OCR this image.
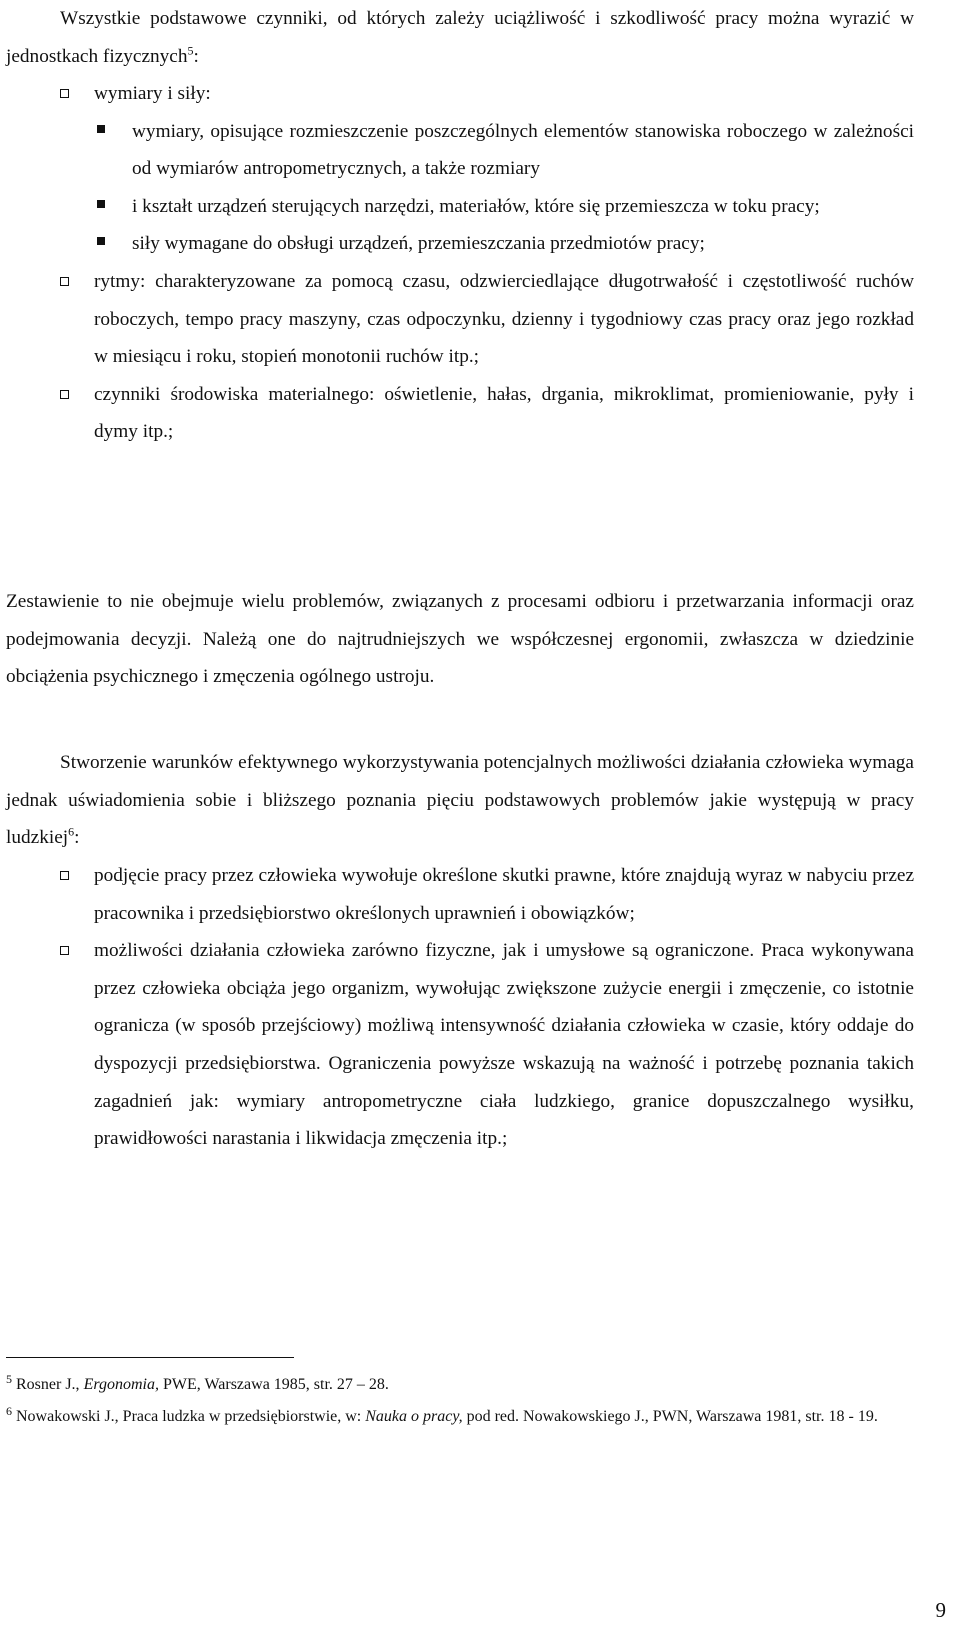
Wszystkie podstawowe czynniki, od których zależy uciążliwość i szkodliwość pracy można wyrazić w jednostkach fizycznych$^5$:

wymiary i siły:
wymiary, opisujące rozmieszczenie poszczególnych elementów stanowiska roboczego w zależności od wymiarów antropometrycznych, a także rozmiary
i kształt urządzeń sterujących narzędzi, materiałów, które się przemieszcza w toku pracy;
siły wymagane do obsługi urządzeń, przemieszczania przedmiotów pracy;
rytmy: charakteryzowane za pomocą czasu, odzwierciedlające długotrwałość i częstotliwość ruchów roboczych, tempo pracy maszyny, czas odpoczynku, dzienny i tygodniowy czas pracy oraz jego rozkład w miesiącu i roku, stopień monotonii ruchów itp.;
czynniki środowiska materialnego: oświetlenie, hałas, drgania, mikroklimat, promieniowanie, pyły i dymy itp.;

Zestawienie to nie obejmuje wielu problemów, związanych z procesami odbioru i przetwarzania informacji oraz podejmowania decyzji. Należą one do najtrudniejszych we współczesnej ergonomii, zwłaszcza w dziedzinie obciążenia psychicznego i zmęczenia ogólnego ustroju.

Stworzenie warunków efektywnego wykorzystywania potencjalnych możliwości działania człowieka wymaga jednak uświadomienia sobie i bliższego poznania pięciu podstawowych problemów jakie występują w pracy ludzkiej$^6$:

podjęcie pracy przez człowieka wywołuje określone skutki prawne, które znajdują wyraz w nabyciu przez pracownika i przedsiębiorstwo określonych uprawnień i obowiązków;
możliwości działania człowieka zarówno fizyczne, jak i umysłowe są ograniczone. Praca wykonywana przez człowieka obciąża jego organizm, wywołując zwiększone zużycie energii i zmęczenie, co istotnie ogranicza (w sposób przejściowy) możliwą intensywność działania człowieka w czasie, który oddaje do dyspozycji przedsiębiorstwa. Ograniczenia powyższe wskazują na ważność i potrzebę poznania takich zagadnień jak: wymiary antropometryczne ciała ludzkiego, granice dopuszczalnego wysiłku, prawidłowości narastania i likwidacja zmęczenia itp.;

$^5$ Rosner J., Ergonomia, PWE, Warszawa 1985, str. 27 – 28.

$^6$ Nowakowski J., Praca ludzka w przedsiębiorstwie, w: Nauka o pracy, pod red. Nowakowskiego J., PWN, Warszawa 1981, str. 18 - 19.

9
